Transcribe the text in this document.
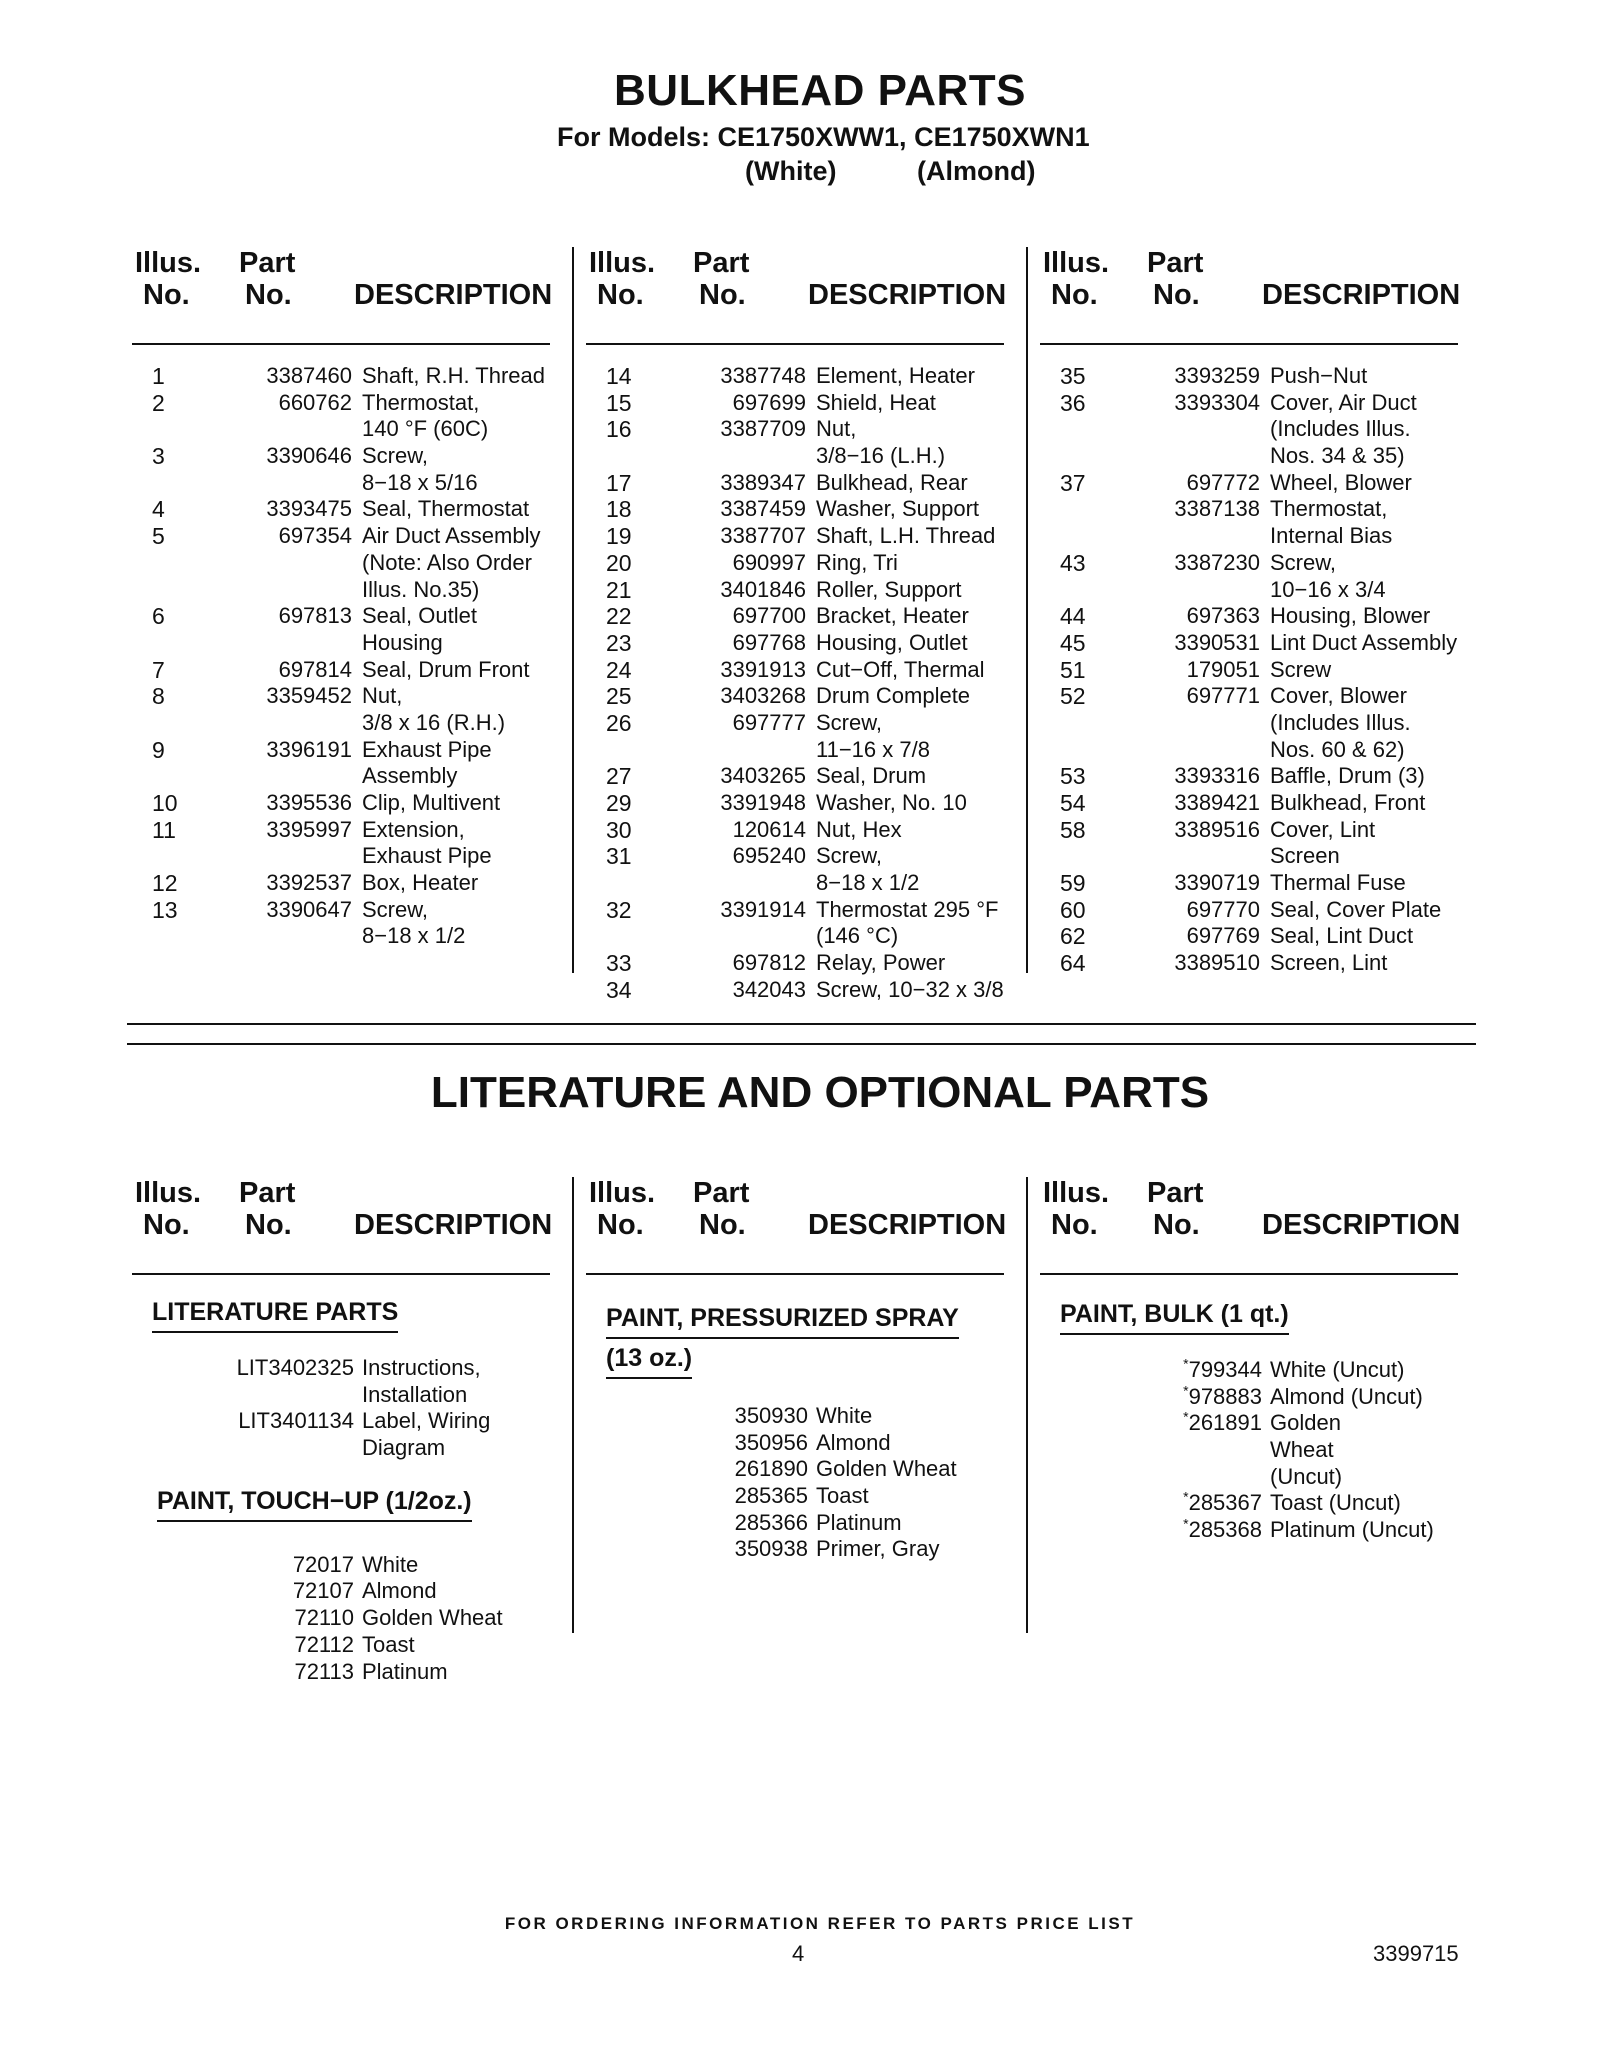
BULKHEAD PARTS
For Models: CE1750XWW1, CE1750XWN1
(White)	(Almond)
Illus.
No.
Part
No. DESCRIPTION
1	3387460 Shaft, R.H. Thread
2	660762 Thermostat,
140 °F (60C)
3	3390646 Screw,
8−18 x 5/16
4	3393475 Seal, Thermostat
5	697354 Air Duct Assembly
(Note: Also Order
Illus. No.35)
6	697813 Seal, Outlet
Housing
7	697814 Seal, Drum Front
8	3359452 Nut,
3/8 x 16 (R.H.)
9	3396191 Exhaust Pipe
Assembly
10	3395536 Clip, Multivent
11	3395997 Extension,
Exhaust Pipe
12	3392537 Box, Heater
13	3390647 Screw,
8−18 x 1/2
Illus.
No.
Part
No. DESCRIPTION
14	3387748 Element, Heater
15	697699 Shield, Heat
16	3387709 Nut,
3/8−16 (L.H.)
17	3389347 Bulkhead, Rear
18	3387459 Washer, Support
19	3387707 Shaft, L.H. Thread
20	690997 Ring, Tri
21	3401846 Roller, Support
22	697700 Bracket, Heater
23	697768 Housing, Outlet
24	3391913 Cut−Off, Thermal
25	3403268 Drum Complete
26	697777 Screw,
11−16 x 7/8
27	3403265 Seal, Drum
29	3391948 Washer, No. 10
30	120614 Nut, Hex
31	695240 Screw,
8−18 x 1/2
32	3391914 Thermostat 295 °F
(146 °C)
33	697812 Relay, Power
34	342043 Screw, 10−32 x 3/8
Illus.
No.
Part
No. DESCRIPTION
35	3393259 Push−Nut
36	3393304 Cover, Air Duct
(Includes Illus.
Nos. 34 & 35)
37	697772 Wheel, Blower
3387138 Thermostat,
Internal Bias
43	3387230 Screw,
10−16 x 3/4
44	697363 Housing, Blower
45	3390531 Lint Duct Assembly
51	179051 Screw
52	697771 Cover, Blower
(Includes Illus.
Nos. 60 & 62)
53	3393316 Baffle, Drum (3)
54	3389421 Bulkhead, Front
58	3389516 Cover, Lint
Screen
59	3390719 Thermal Fuse
60	697770 Seal, Cover Plate
62	697769 Seal, Lint Duct
64	3389510 Screen, Lint
LITERATURE AND OPTIONAL PARTS
Illus.
No.
Part
No. DESCRIPTION
LITERATURE PARTS
LIT3402325 Instructions,
Installation
LIT3401134 Label, Wiring
Diagram
PAINT, TOUCH−UP (1/2oz.)
72017 White
72107 Almond
72110 Golden Wheat
72112 Toast
72113 Platinum
Illus.
No.
Part
No. DESCRIPTION
PAINT, PRESSURIZED SPRAY
(13 oz.)
350930 White
350956 Almond
261890 Golden Wheat
285365 Toast
285366 Platinum
350938 Primer, Gray
Illus.
No.
Part
No. DESCRIPTION
PAINT, BULK (1 qt.)
*799344 White (Uncut)
*978883 Almond (Uncut)
*261891 Golden
Wheat
(Uncut)
*285367 Toast (Uncut)
*285368 Platinum (Uncut)
FOR ORDERING INFORMATION REFER TO PARTS PRICE LIST
4	3399715
